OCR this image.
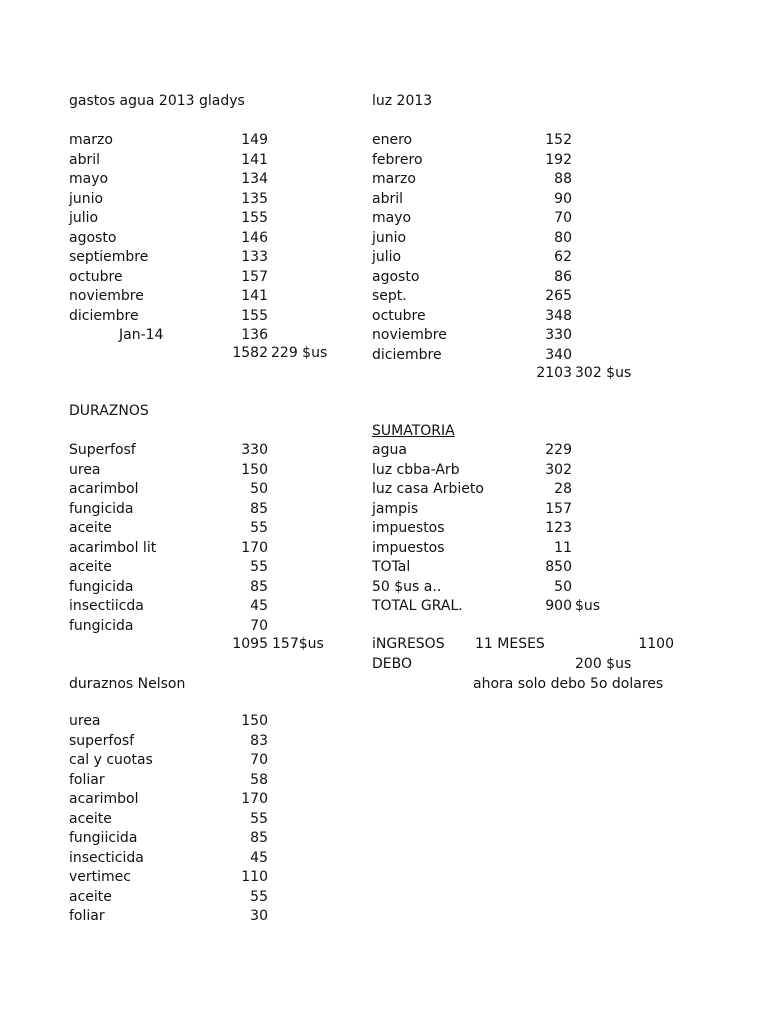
gastos agua 2013 gladys
marzo	149
abril	141
mayo	134
junio	135
julio	155
agosto	146
septiembre	133
octubre	157
noviembre	141
diciembre	155
Jan-14	136
1582 229 $us
luz 2013
enero	152
febrero	192
marzo	88
abril	90
mayo	70
junio	80
julio	62
agosto	86
sept.	265
octubre	348
noviembre	330
diciembre	340
2103 302 $us
DURAZNOS
Superfosf	330
urea	150
acarimbol	50
fungicida	85
aceite	55
acarimbol lit	170
aceite	55
fungicida	85
insectiicda	45
fungicida	70
1095 157$us
SUMATORIA
agua	229
luz cbba-Arb	302
luz casa Arbieto	28
jampis	157
impuestos	123
impuestos	11
TOTal	850
50 $us a..	50
TOTAL GRAL.	900 $us
iNGRESOS 11 MESES	1100
DEBO	200 $us
ahora solo debo 5o dolares
duraznos Nelson
urea	150
superfosf	83
cal y cuotas	70
foliar	58
acarimbol	170
aceite	55
fungiicida	85
insecticida	45
vertimec	110
aceite	55
foliar	30
